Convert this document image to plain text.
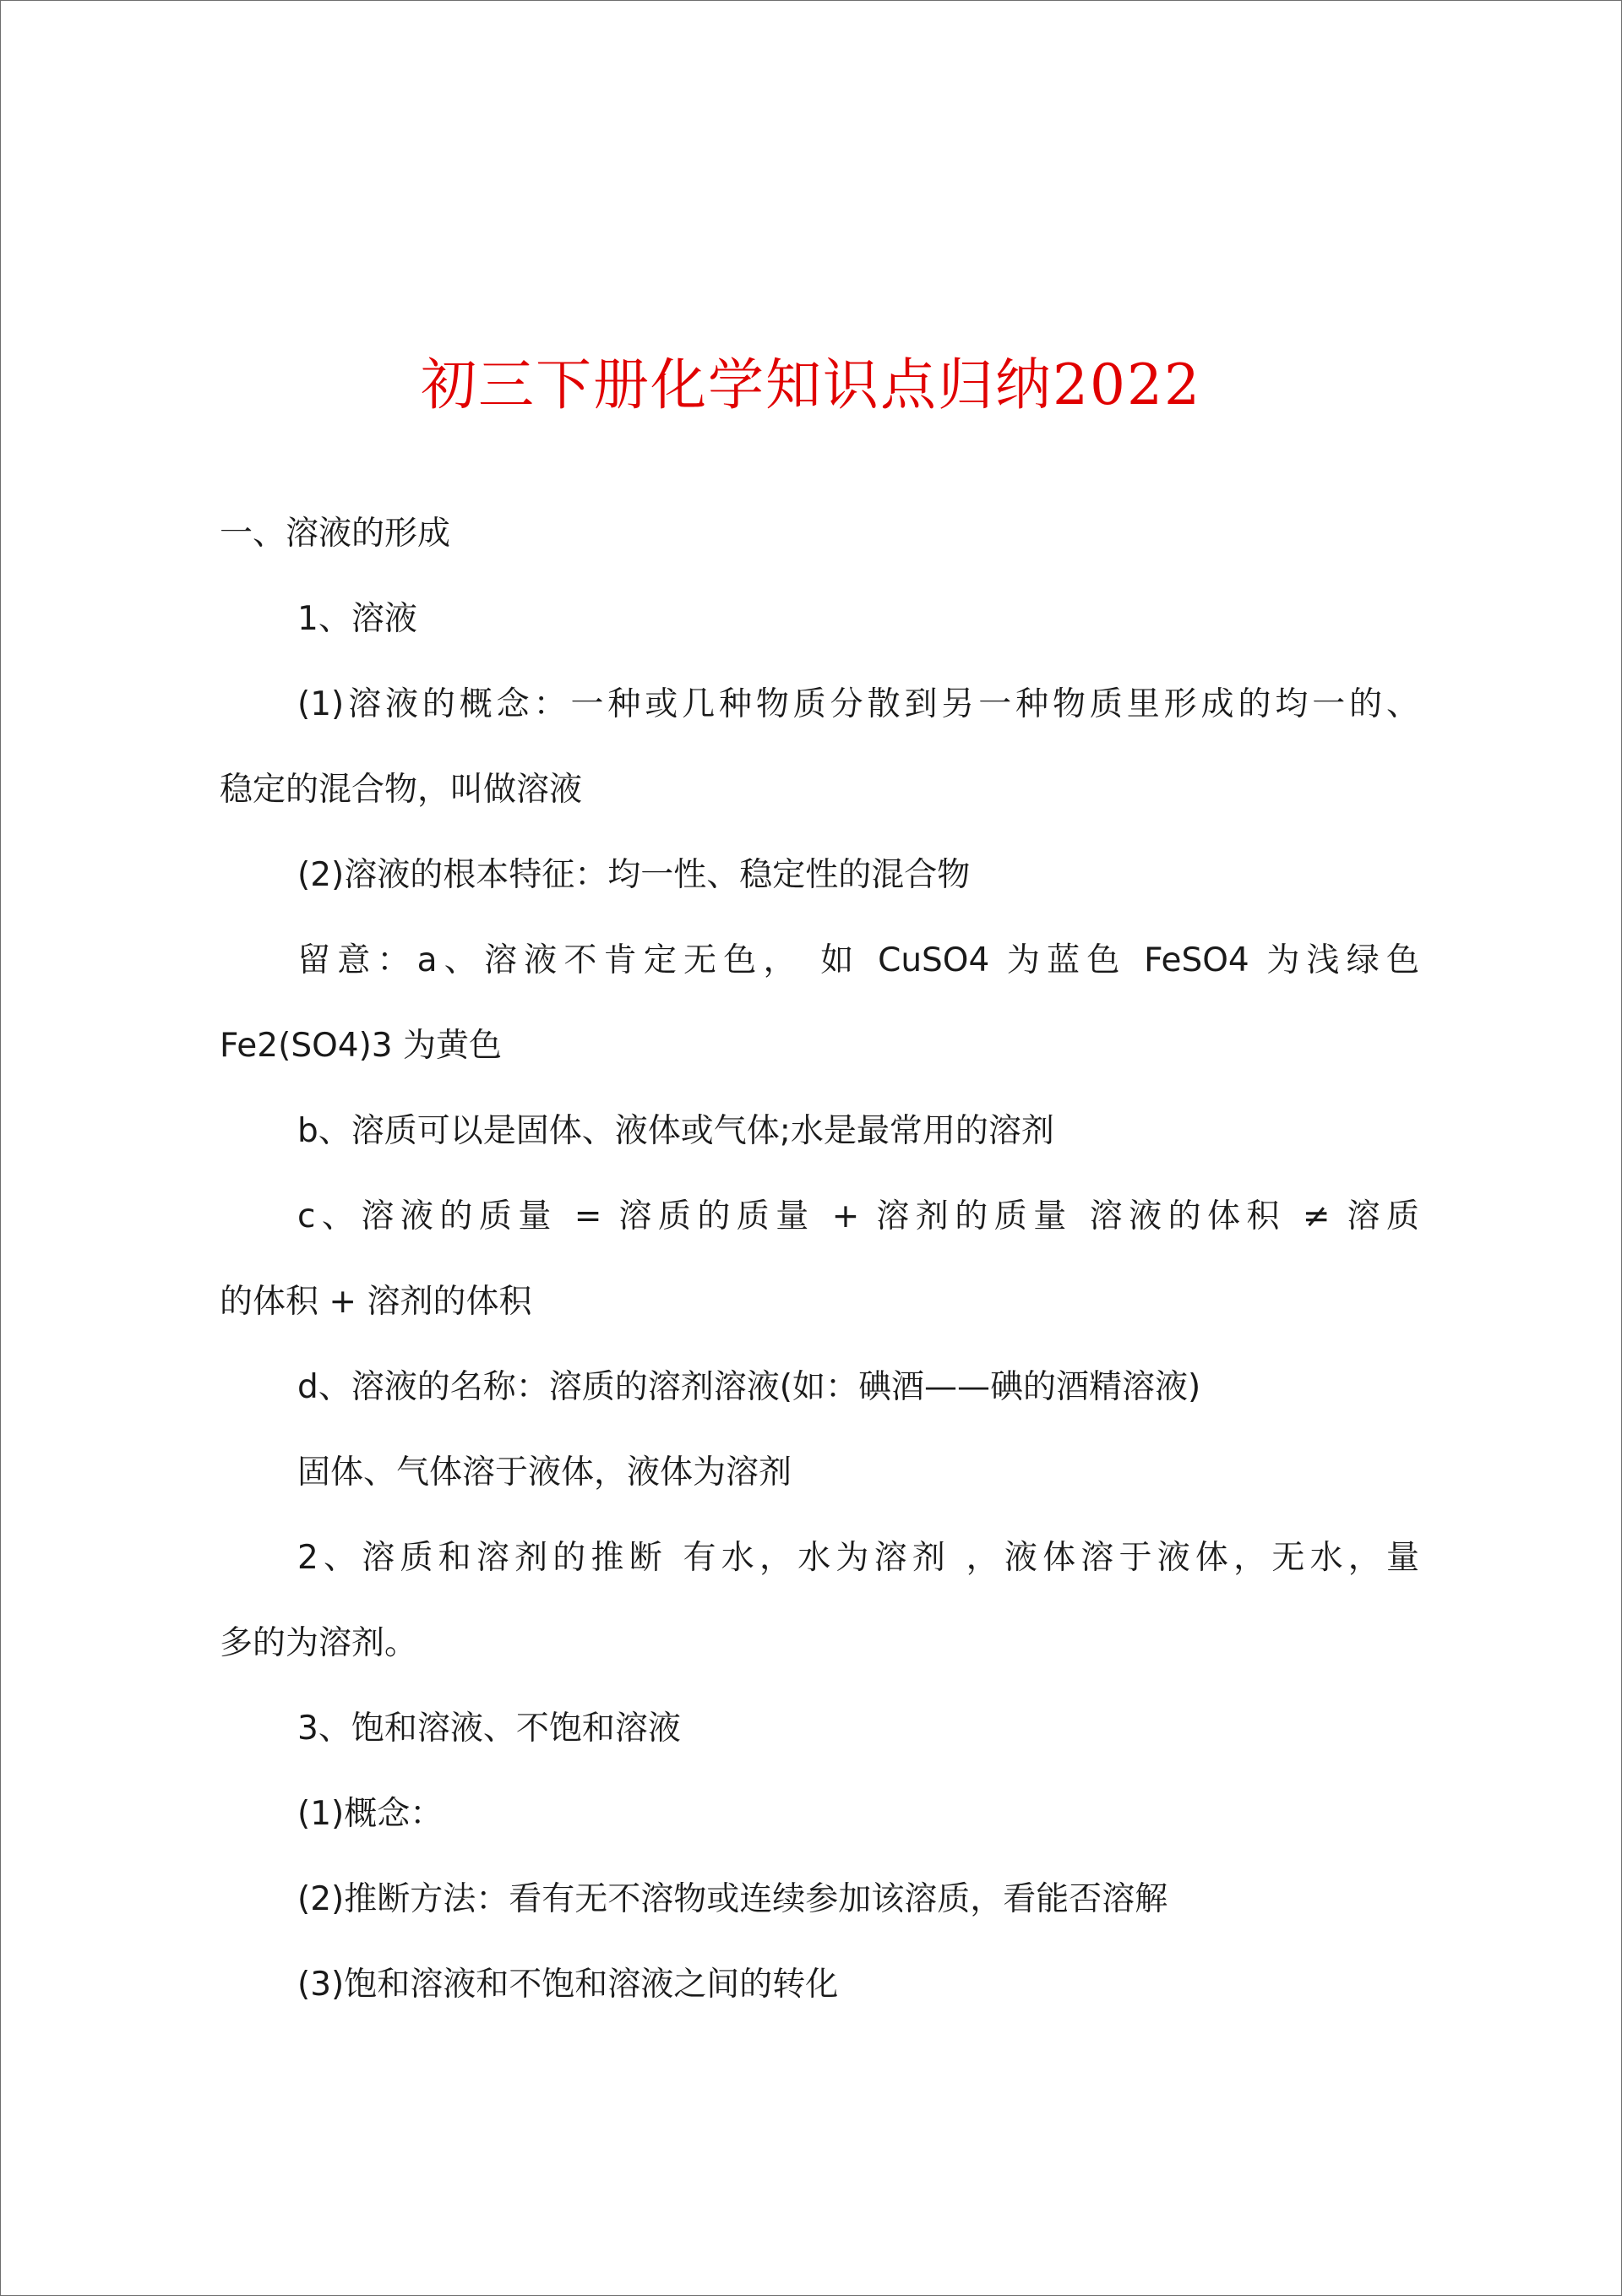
初三下册化学知识点归纳2022
一、溶液的形成
1、溶液
(1)溶液的概念：一种或几种物质分散到另一种物质里形成的均一的、
稳定的混合物，叫做溶液
(2)溶液的根本特征：均一性、稳定性的混合物
留意：a、溶液不肯定无色， 如 CuSO4 为蓝色 FeSO4 为浅绿色
Fe2(SO4)3 为黄色
b、溶质可以是固体、液体或气体;水是最常用的溶剂
c、溶液的质量 = 溶质的质量 + 溶剂的质量 溶液的体积 ≠ 溶质
的体积 + 溶剂的体积
d、溶液的名称：溶质的溶剂溶液(如：碘酒——碘的酒精溶液)
固体、气体溶于液体，液体为溶剂
2、溶质和溶剂的推断 有水，水为溶剂 ，液体溶于液体，无水，量
多的为溶剂。
3、饱和溶液、不饱和溶液
(1)概念：
(2)推断方法：看有无不溶物或连续参加该溶质，看能否溶解
(3)饱和溶液和不饱和溶液之间的转化
